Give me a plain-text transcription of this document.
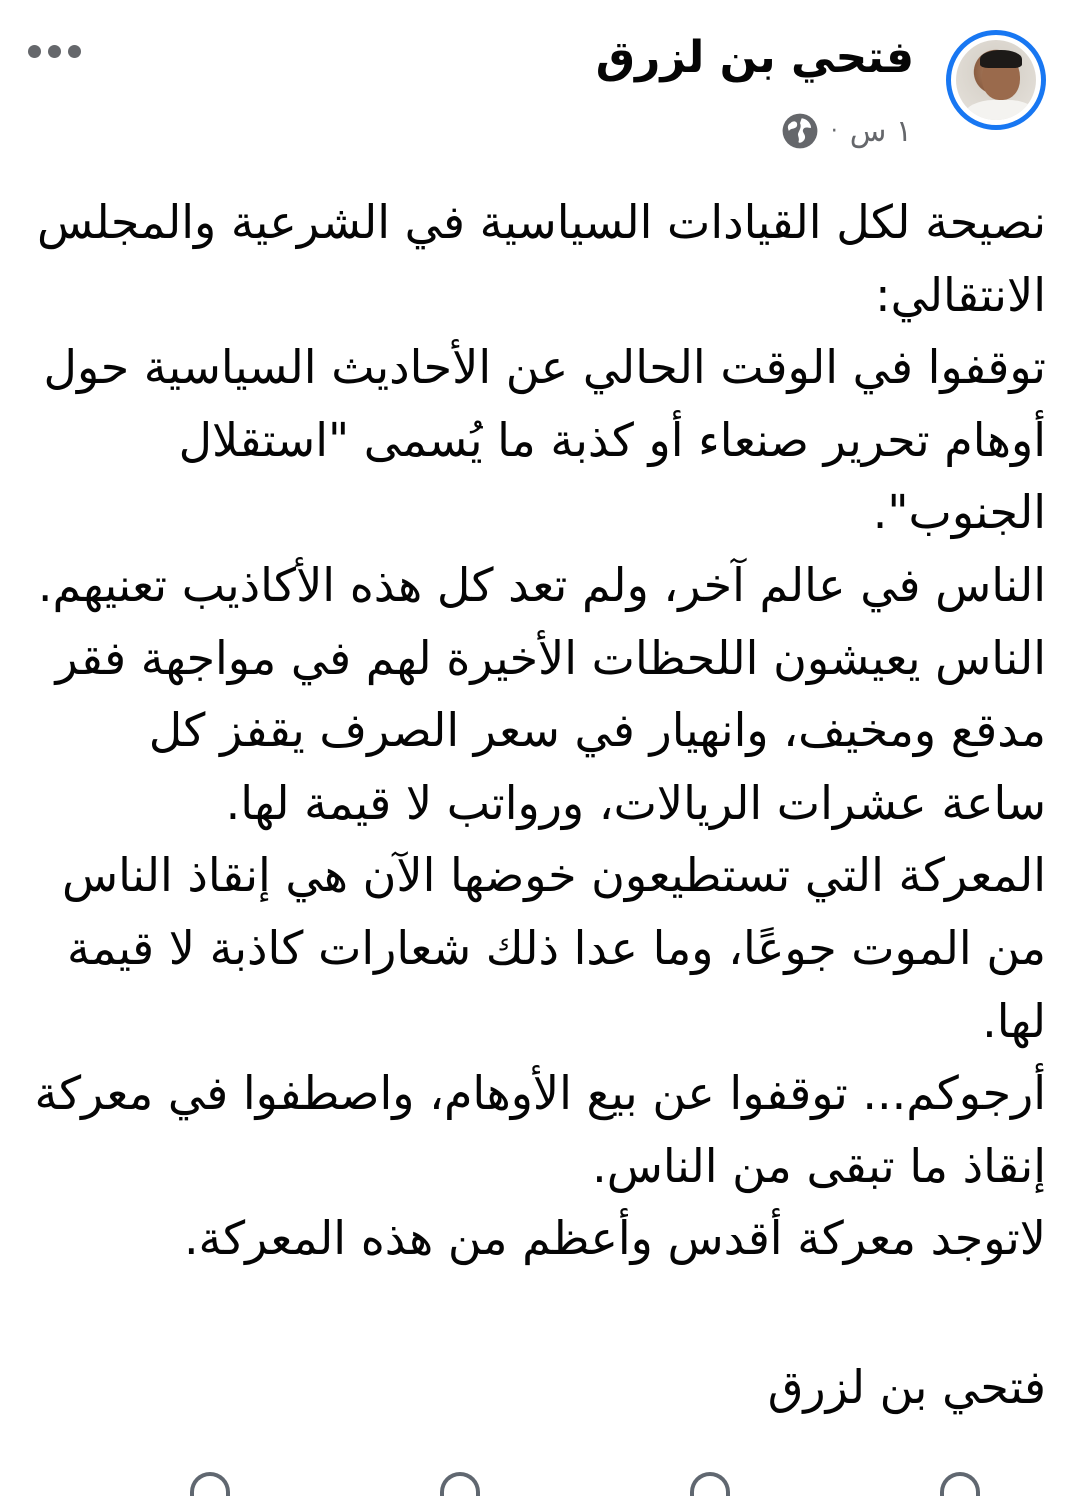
فتحي بن لزرق
١ س
·

نصيحة لكل القيادات السياسية في الشرعية والمجلس الانتقالي:

توقفوا في الوقت الحالي عن الأحاديث السياسية حول أوهام تحرير صنعاء أو كذبة ما يُسمى "استقلال الجنوب".

الناس في عالم آخر، ولم تعد كل هذه الأكاذيب تعنيهم.

الناس يعيشون اللحظات الأخيرة لهم في مواجهة فقر مدقع ومخيف، وانهيار في سعر الصرف يقفز كل ساعة عشرات الريالات، ورواتب لا قيمة لها.

المعركة التي تستطيعون خوضها الآن هي إنقاذ الناس من الموت جوعًا، وما عدا ذلك شعارات كاذبة لا قيمة لها.

أرجوكم... توقفوا عن بيع الأوهام، واصطفوا في معركة إنقاذ ما تبقى من الناس.

لاتوجد معركة أقدس وأعظم من هذه المعركة.

فتحي بن لزرق
